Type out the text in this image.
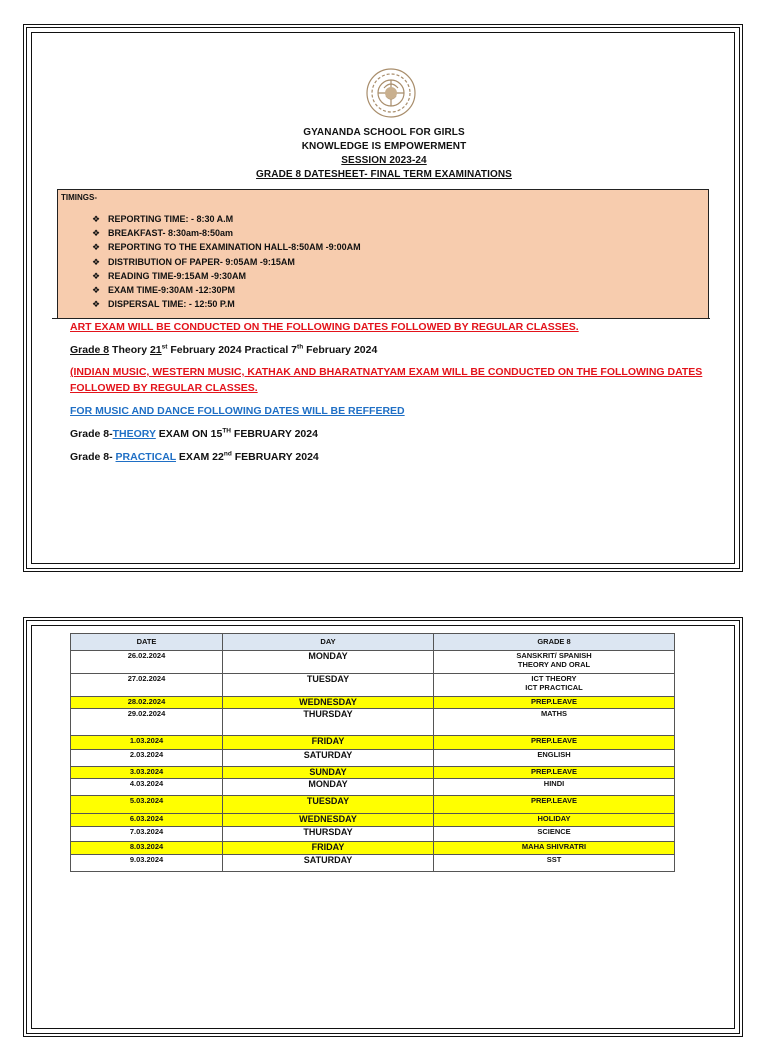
GYANANDA SCHOOL FOR GIRLS
KNOWLEDGE IS EMPOWERMENT
SESSION 2023-24
GRADE 8 DATESHEET- FINAL TERM EXAMINATIONS
TIMINGS-
❖ REPORTING TIME: - 8:30 A.M
❖ BREAKFAST- 8:30am-8:50am
❖ REPORTING TO THE EXAMINATION HALL-8:50AM -9:00AM
❖ DISTRIBUTION OF PAPER- 9:05AM -9:15AM
❖ READING TIME-9:15AM -9:30AM
❖ EXAM TIME-9:30AM -12:30PM
❖ DISPERSAL TIME: - 12:50 P.M
ART EXAM WILL BE CONDUCTED ON THE FOLLOWING DATES FOLLOWED BY REGULAR CLASSES.
Grade 8 Theory 21st February 2024 Practical 7th February 2024
(INDIAN MUSIC, WESTERN MUSIC, KATHAK AND BHARATNATYAM EXAM WILL BE CONDUCTED ON THE FOLLOWING DATES
FOLLOWED BY REGULAR CLASSES.
FOR MUSIC AND DANCE FOLLOWING DATES WILL BE REFFERED
Grade 8-THEORY EXAM ON 15TH FEBRUARY 2024
Grade 8- PRACTICAL EXAM 22nd FEBRUARY 2024
DATE	DAY	GRADE 8
26.02.2024	MONDAY	SANSKRIT/ SPANISH
THEORY AND ORAL

27.02.2024	TUESDAY	ICT THEORY
ICT PRACTICAL

28.02.2024	WEDNESDAY	PREP.LEAVE
29.02.2024	THURSDAY	MATHS
1.03.2024	FRIDAY	PREP.LEAVE
2.03.2024	SATURDAY	ENGLISH
3.03.2024	SUNDAY	PREP.LEAVE
4.03.2024	MONDAY	HINDI
5.03.2024	TUESDAY	PREP.LEAVE
6.03.2024	WEDNESDAY	HOLIDAY
7.03.2024	THURSDAY	SCIENCE
8.03.2024	FRIDAY	MAHA SHIVRATRI
9.03.2024	SATURDAY	SST
